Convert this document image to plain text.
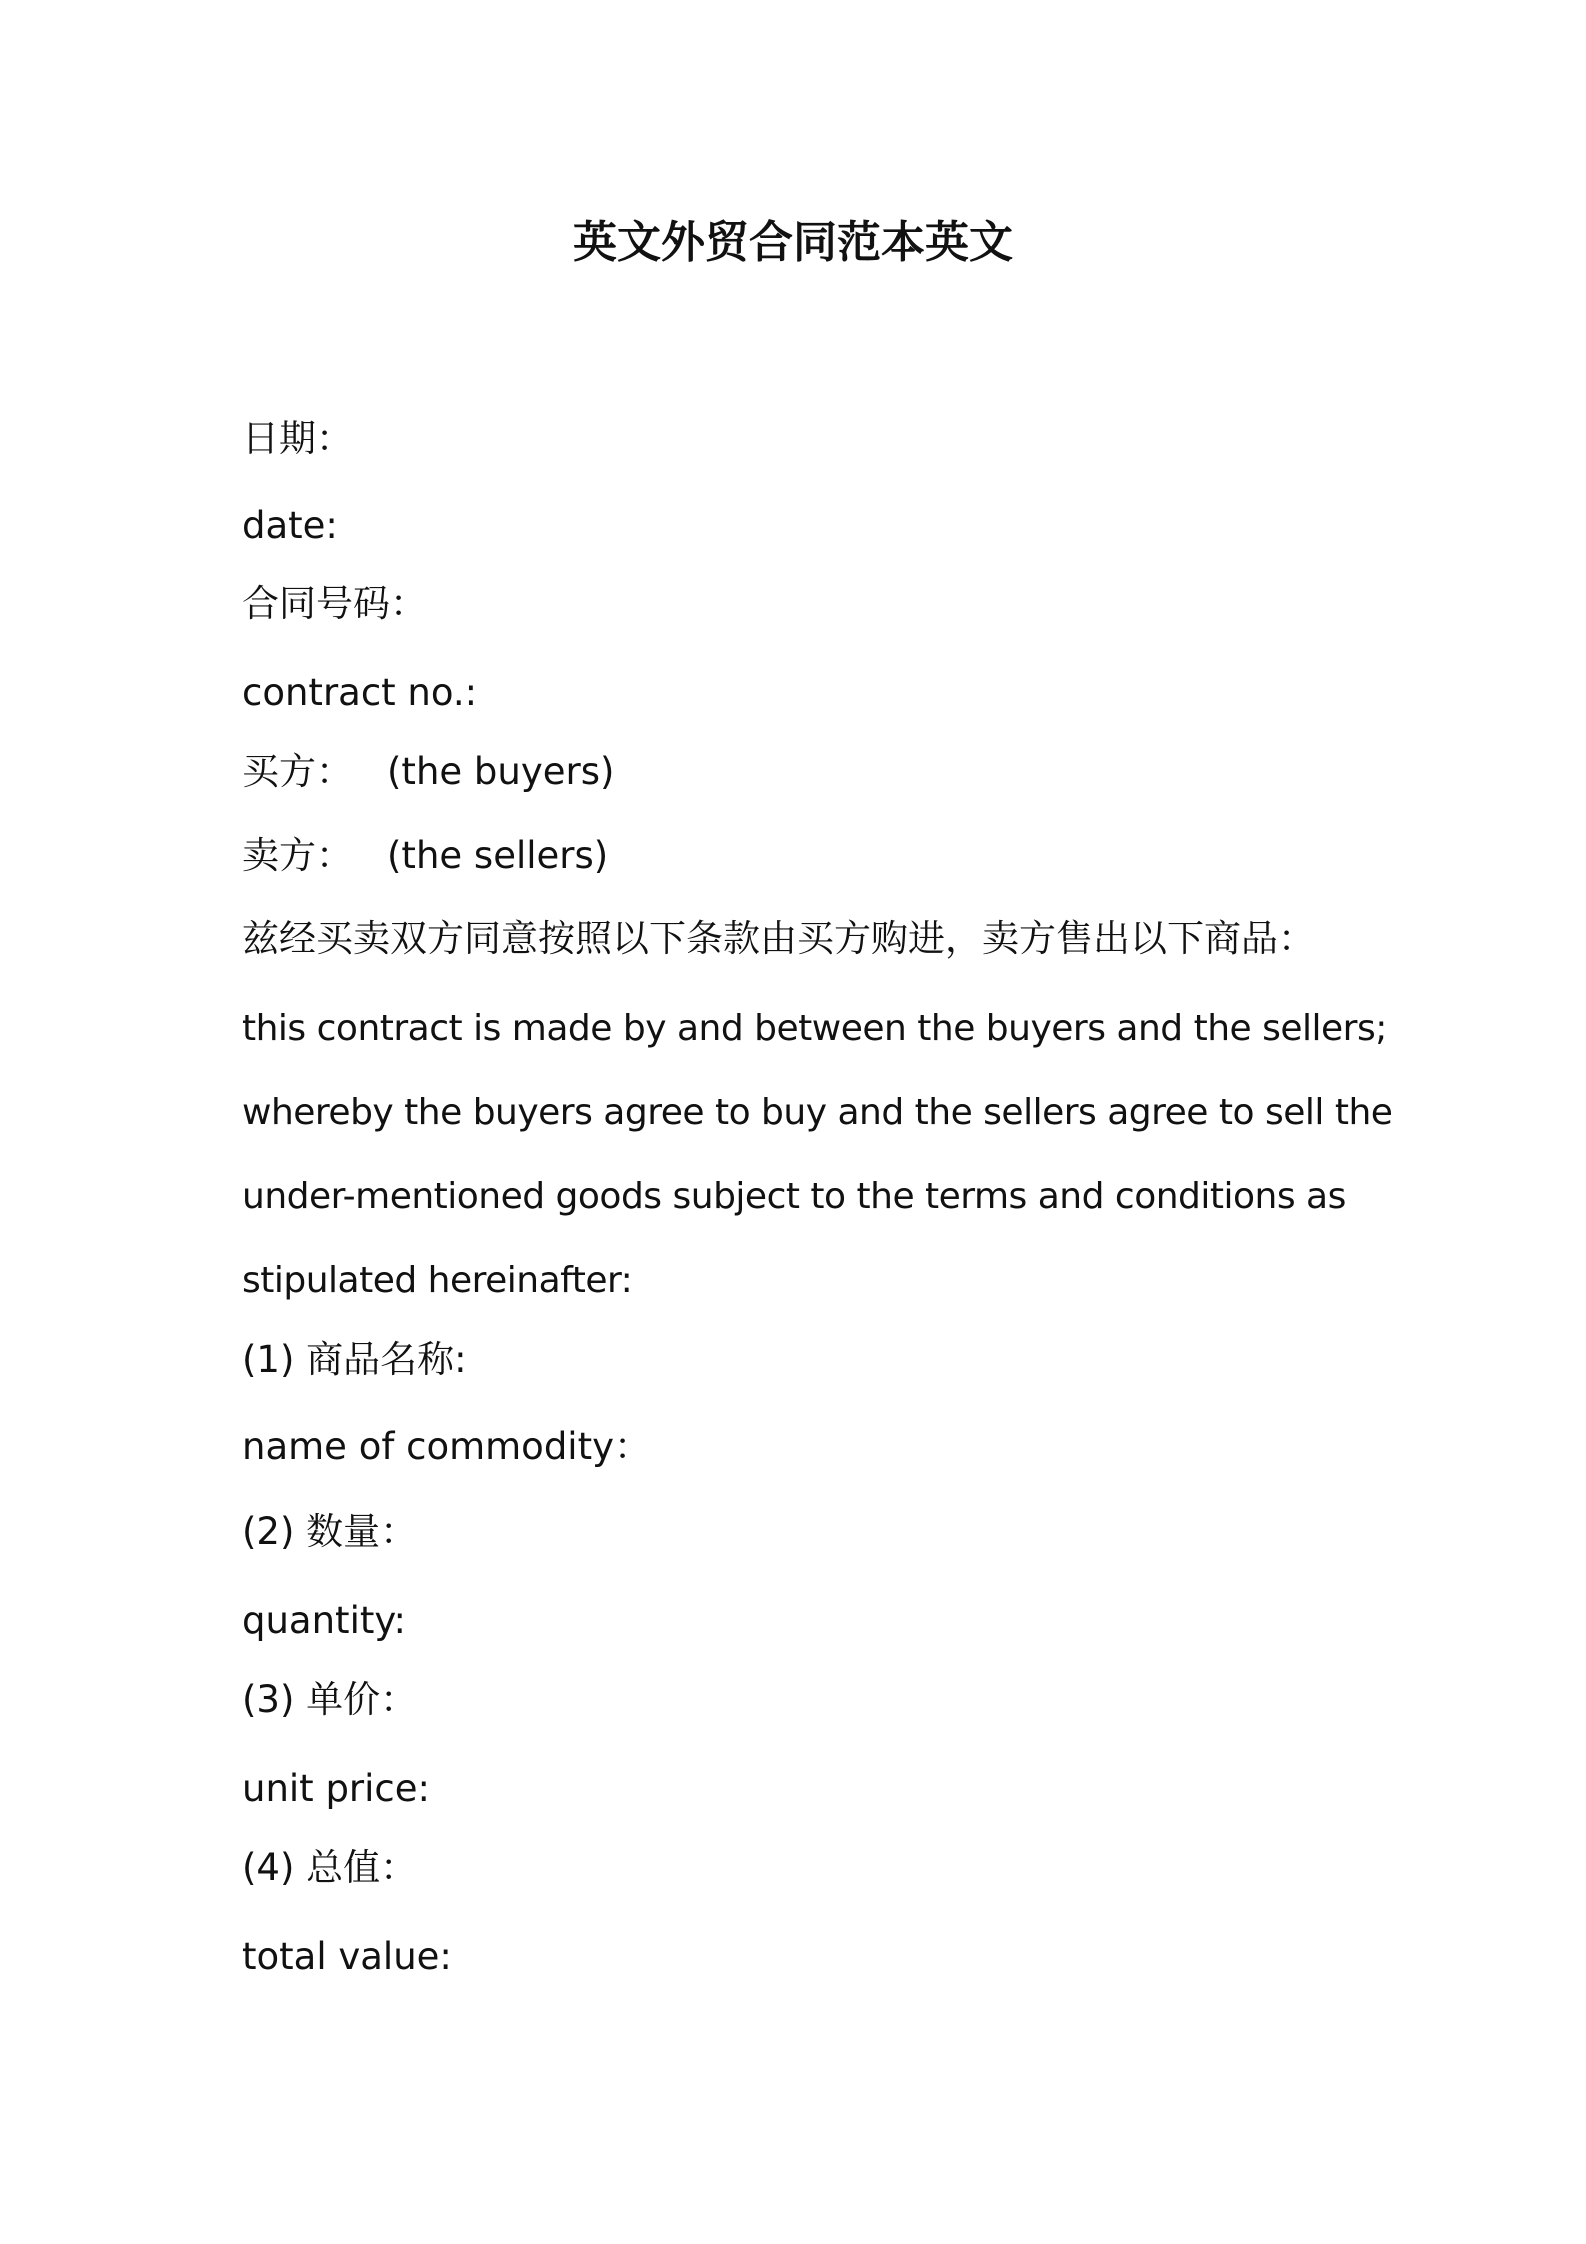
英文外贸合同范本英文
日期：
date:
合同号码：
contract no.:
买方： (the buyers)
卖方： (the sellers)
兹经买卖双方同意按照以下条款由买方购进，卖方售出以下商品：
this contract is made by and between the buyers and the sellers;
whereby the buyers agree to buy and the sellers agree to sell the
under-mentioned goods subject to the terms and conditions as
stipulated hereinafter:
(1) 商品名称:
name of commodity：
(2) 数量：
quantity:
(3) 单价：
unit price:
(4) 总值：
total value:
